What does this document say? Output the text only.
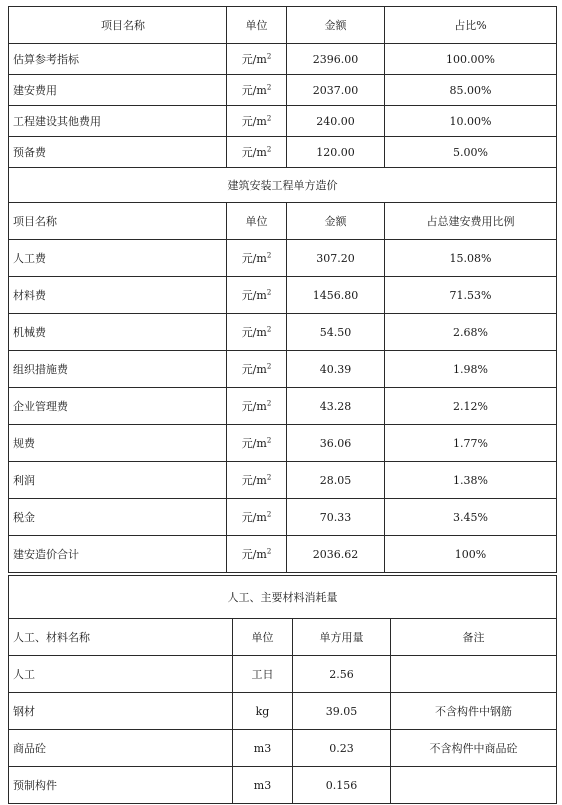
项目名称	单位	金额	占比%
估算参考指标	元$/m^2$	2396.00	100.00%
建安费用	元$/m^2$	2037.00	85.00%
工程建设其他费用	元$/m^2$	240.00	10.00%
预备费	元$/m^2$	120.00	5.00%
建筑安装工程单方造价			
项目名称	单位	金额	占总建安费用比例
人工费	元$/m^2$	307.20	15.08%
材料费	元$/m^2$	1456.80	71.53%
机械费	元$/m^2$	54.50	2.68%
组织措施费	元$/m^2$	40.39	1.98%
企业管理费	元$/m^2$	43.28	2.12%
规费	元$/m^2$	36.06	1.77%
利润	元$/m^2$	28.05	1.38%
税金	元$/m^2$	70.33	3.45%
建安造价合计	元$/m^2$	2036.62	100%
人工、主要材料消耗量			
人工、材料名称	单位	单方用量	备注
人工	工日	2.56	
钢材	kg	39.05	不含构件中钢筋
商品砼	m3	0.23	不含构件中商品砼
预制构件	m3	0.156	
